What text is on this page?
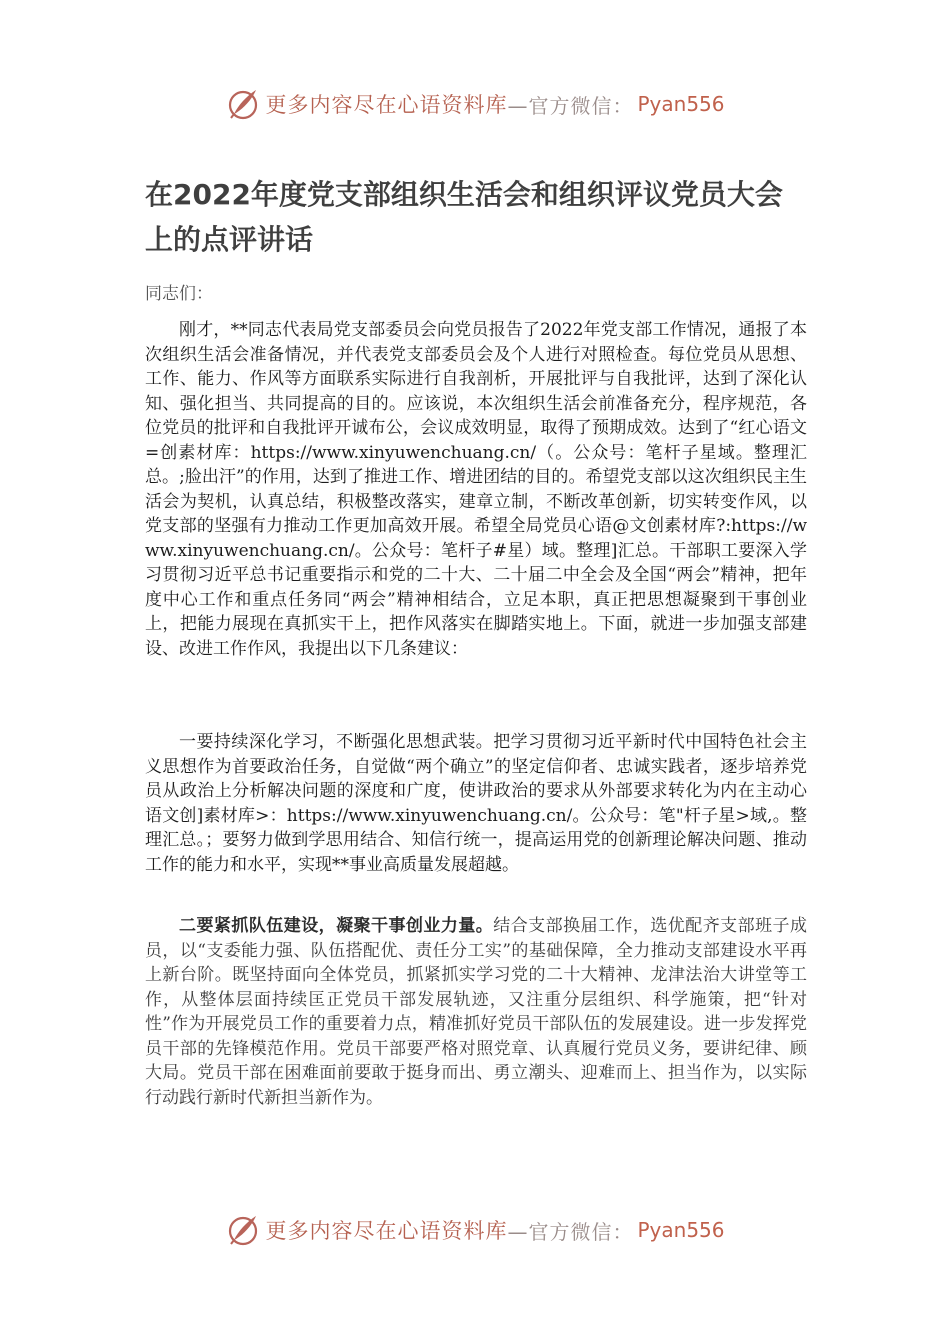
更多内容尽在心语资料库 —官方微信： Pyan556
在2022年度党支部组织生活会和组织评议党员大会上的点评讲话

同志们：

刚才，**同志代表局党支部委员会向党员报告了2022年党支部工作情况，通报了本次组织生活会准备情况，并代表党支部委员会及个人进行对照检查。每位党员从思想、工作、能力、作风等方面联系实际进行自我剖析，开展批评与自我批评，达到了深化认知、强化担当、共同提高的目的。应该说，本次组织生活会前准备充分，程序规范，各位党员的批评和自我批评开诚布公，会议成效明显，取得了预期成效。达到了“红心语文=创素材库：https://www.xinyuwenchuang.cn/（。公众号：笔杆子星域。整理汇总。;脸出汗”的作用，达到了推进工作、增进团结的目的。希望党支部以这次组织民主生活会为契机，认真总结，积极整改落实，建章立制，不断改革创新，切实转变作风，以党支部的坚强有力推动工作更加高效开展。希望全局党员心语@文创素材库?:https://www.xinyuwenchuang.cn/。公众号：笔杆子#星）域。整理]汇总。干部职工要深入学习贯彻习近平总书记重要指示和党的二十大、二十届二中全会及全国“两会”精神，把年度中心工作和重点任务同“两会”精神相结合，立足本职，真正把思想凝聚到干事创业上，把能力展现在真抓实干上，把作风落实在脚踏实地上。下面，就进一步加强支部建设、改进工作作风，我提出以下几条建议：

一要持续深化学习，不断强化思想武装。把学习贯彻习近平新时代中国特色社会主义思想作为首要政治任务，自觉做“两个确立”的坚定信仰者、忠诚实践者，逐步培养党员从政治上分析解决问题的深度和广度，使讲政治的要求从外部要求转化为内在主动心语文创]素材库>：https://www.xinyuwenchuang.cn/。公众号：笔"杆子星>域,。整理汇总。；要努力做到学思用结合、知信行统一，提高运用党的创新理论解决问题、推动工作的能力和水平，实现**事业高质量发展超越。

二要紧抓队伍建设，凝聚干事创业力量。结合支部换届工作，选优配齐支部班子成员，以“支委能力强、队伍搭配优、责任分工实”的基础保障，全力推动支部建设水平再上新台阶。既坚持面向全体党员，抓紧抓实学习党的二十大精神、龙津法治大讲堂等工作，从整体层面持续匡正党员干部发展轨迹，又注重分层组织、科学施策，把“针对性”作为开展党员工作的重要着力点，精准抓好党员干部队伍的发展建设。进一步发挥党员干部的先锋模范作用。党员干部要严格对照党章、认真履行党员义务，要讲纪律、顾大局。党员干部在困难面前要敢于挺身而出、勇立潮头、迎难而上、担当作为，以实际行动践行新时代新担当新作为。

更多内容尽在心语资料库 —官方微信： Pyan556
